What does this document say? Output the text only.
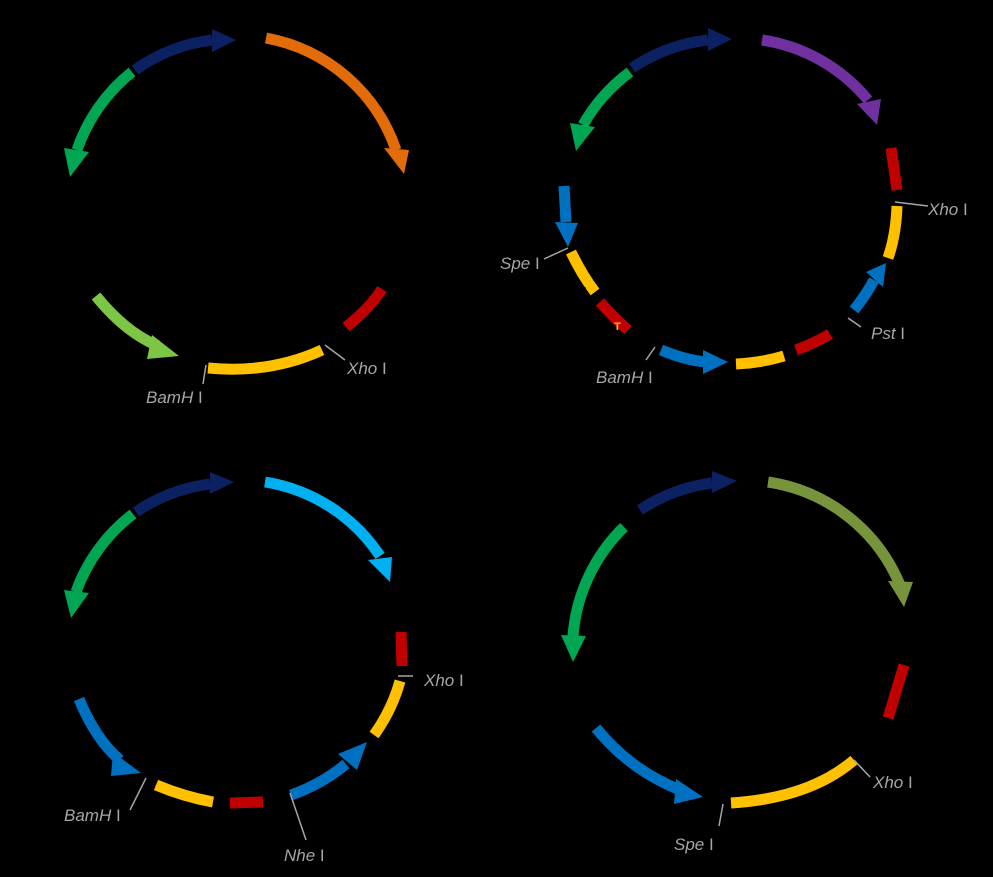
BamH I
Xho I
9
Xho I
Pst I
BamH I
Spe I
P
T
Xho I
BamH I
Nhe I
Xho I
Spe I
